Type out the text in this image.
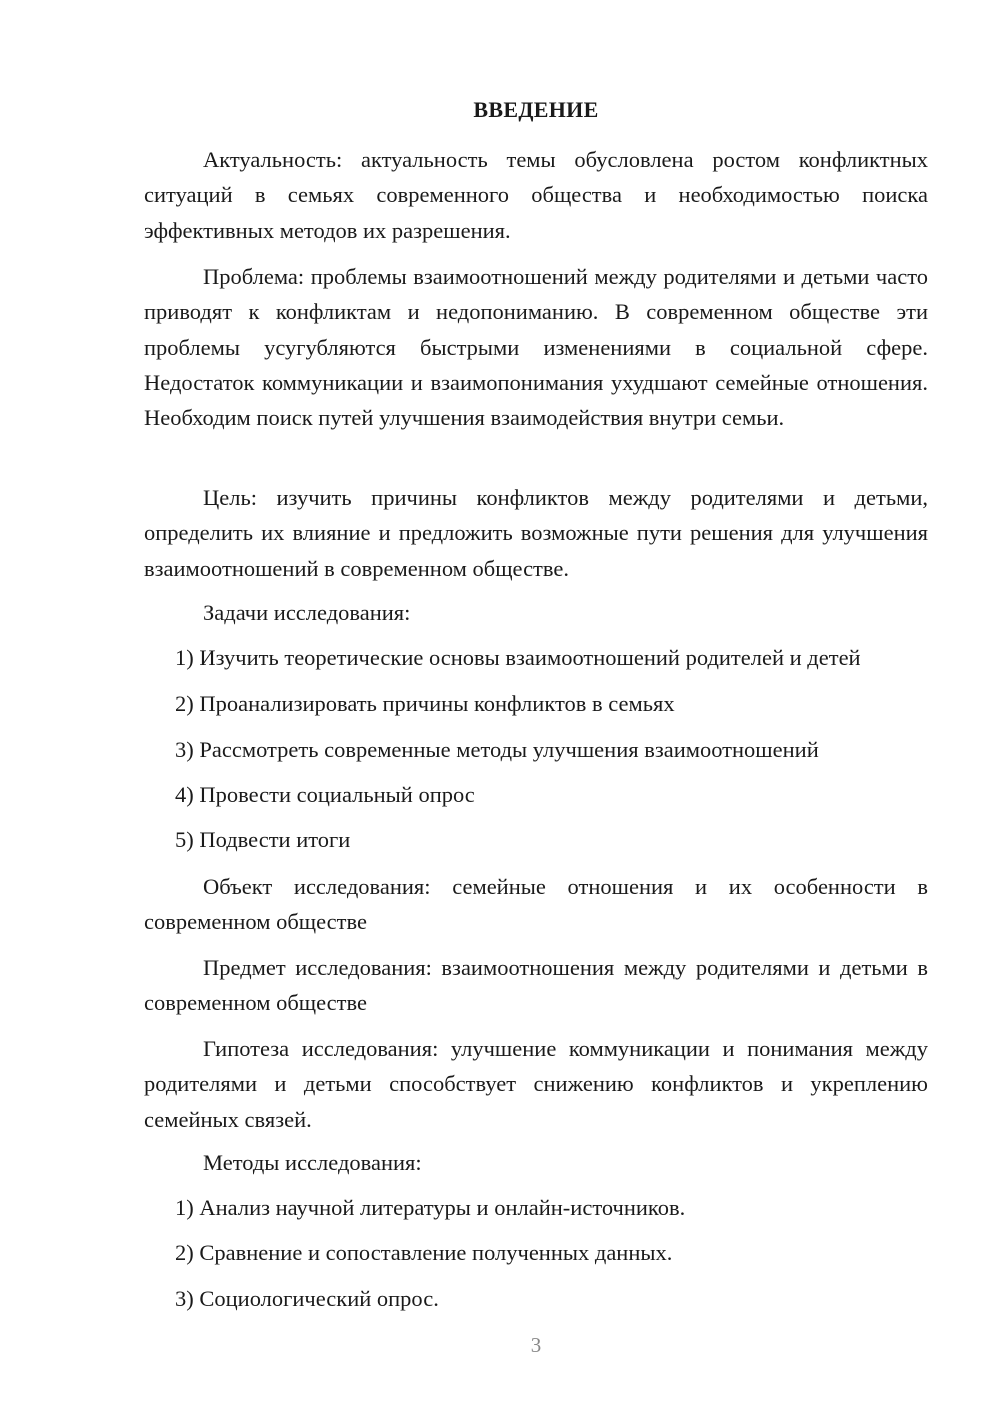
ВВЕДЕНИЕ
Актуальность: актуальность темы обусловлена ростом конфликтных ситуаций в семьях современного общества и необходимостью поиска эффективных методов их разрешения.
Проблема: проблемы взаимоотношений между родителями и детьми часто приводят к конфликтам и недопониманию. В современном обществе эти проблемы усугубляются быстрыми изменениями в социальной сфере. Недостаток коммуникации и взаимопонимания ухудшают семейные отношения. Необходим поиск путей улучшения взаимодействия внутри семьи.
Цель: изучить причины конфликтов между родителями и детьми, определить их влияние и предложить возможные пути решения для улучшения взаимоотношений в современном обществе.
Задачи исследования:
1) Изучить теоретические основы взаимоотношений родителей и детей
2) Проанализировать причины конфликтов в семьях
3) Рассмотреть современные методы улучшения взаимоотношений
4) Провести социальный опрос
5) Подвести итоги
Объект исследования: семейные отношения и их особенности в современном обществе
Предмет исследования: взаимоотношения между родителями и детьми в современном обществе
Гипотеза исследования: улучшение коммуникации и понимания между родителями и детьми способствует снижению конфликтов и укреплению семейных связей.
Методы исследования:
1) Анализ научной литературы и онлайн-источников.
2) Сравнение и сопоставление полученных данных.
3) Социологический опрос.
3
